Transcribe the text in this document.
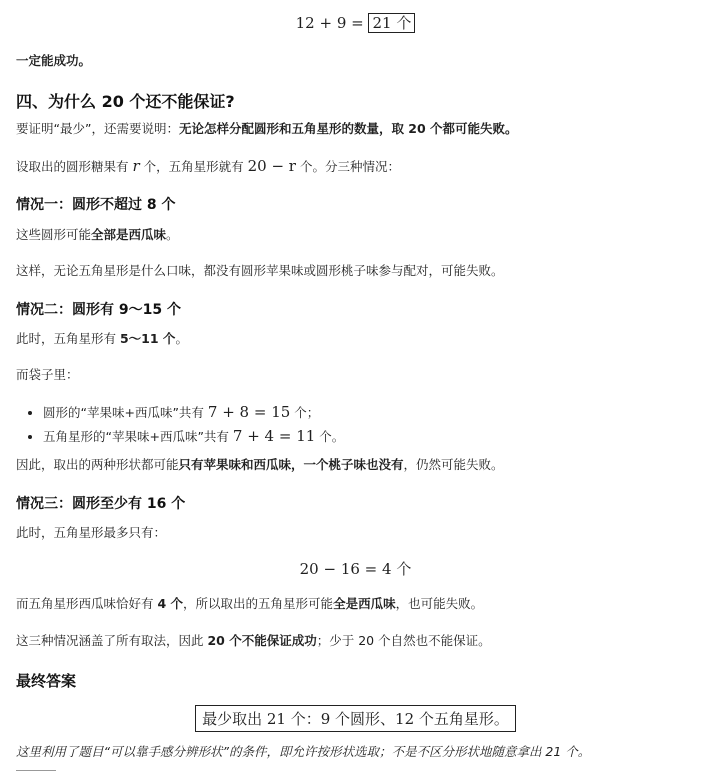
12 + 9 = 21 个

一定能成功。

四、为什么 20 个还不能保证?

要证明“最少”，还需要说明：无论怎样分配圆形和五角星形的数量，取 20 个都可能失败。

设取出的圆形糖果有 r 个，五角星形就有 20 − r 个。分三种情况：

情况一：圆形不超过 8 个

这些圆形可能全部是西瓜味。

这样，无论五角星形是什么口味，都没有圆形苹果味或圆形桃子味参与配对，可能失败。

情况二：圆形有 9〜15 个

此时，五角星形有 5〜11 个。

而袋子里：

• 圆形的“苹果味+西瓜味”共有 7 + 8 = 15 个；
• 五角星形的“苹果味+西瓜味”共有 7 + 4 = 11 个。

因此，取出的两种形状都可能只有苹果味和西瓜味，一个桃子味也没有，仍然可能失败。

情况三：圆形至少有 16 个

此时，五角星形最多只有：

20 − 16 = 4 个

而五角星形西瓜味恰好有 4 个，所以取出的五角星形可能全是西瓜味，也可能失败。

这三种情况涵盖了所有取法，因此 20 个不能保证成功；少于 20 个自然也不能保证。

最终答案
最少取出 21 个：9 个圆形、12 个五角星形。

这里利用了题目“可以靠手感分辨形状”的条件，即允许按形状选取；不是不区分形状地随意拿出 21 个。
